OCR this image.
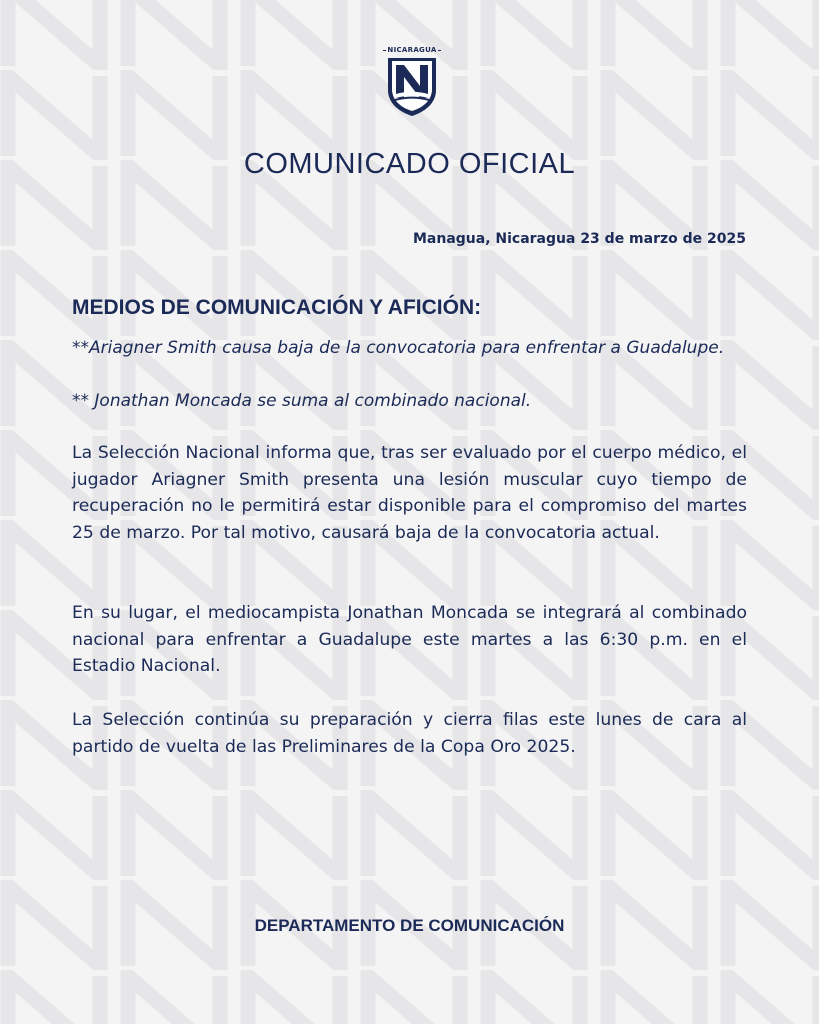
NICARAGUA
COMUNICADO OFICIAL
Managua, Nicaragua 23 de marzo de 2025
MEDIOS DE COMUNICACIÓN Y AFICIÓN:
**Ariagner Smith causa baja de la convocatoria para enfrentar a Guadalupe.
** Jonathan Moncada se suma al combinado nacional.
La Selección Nacional informa que, tras ser evaluado por el cuerpo médico, el jugador Ariagner Smith presenta una lesión muscular cuyo tiempo de recuperación no le permitirá estar disponible para el compromiso del martes 25 de marzo. Por tal motivo, causará baja de la convocatoria actual.
En su lugar, el mediocampista Jonathan Moncada se integrará al combinado nacional para enfrentar a Guadalupe este martes a las 6:30 p.m. en el Estadio Nacional.
La Selección continúa su preparación y cierra filas este lunes de cara al partido de vuelta de las Preliminares de la Copa Oro 2025.
DEPARTAMENTO DE COMUNICACIÓN
